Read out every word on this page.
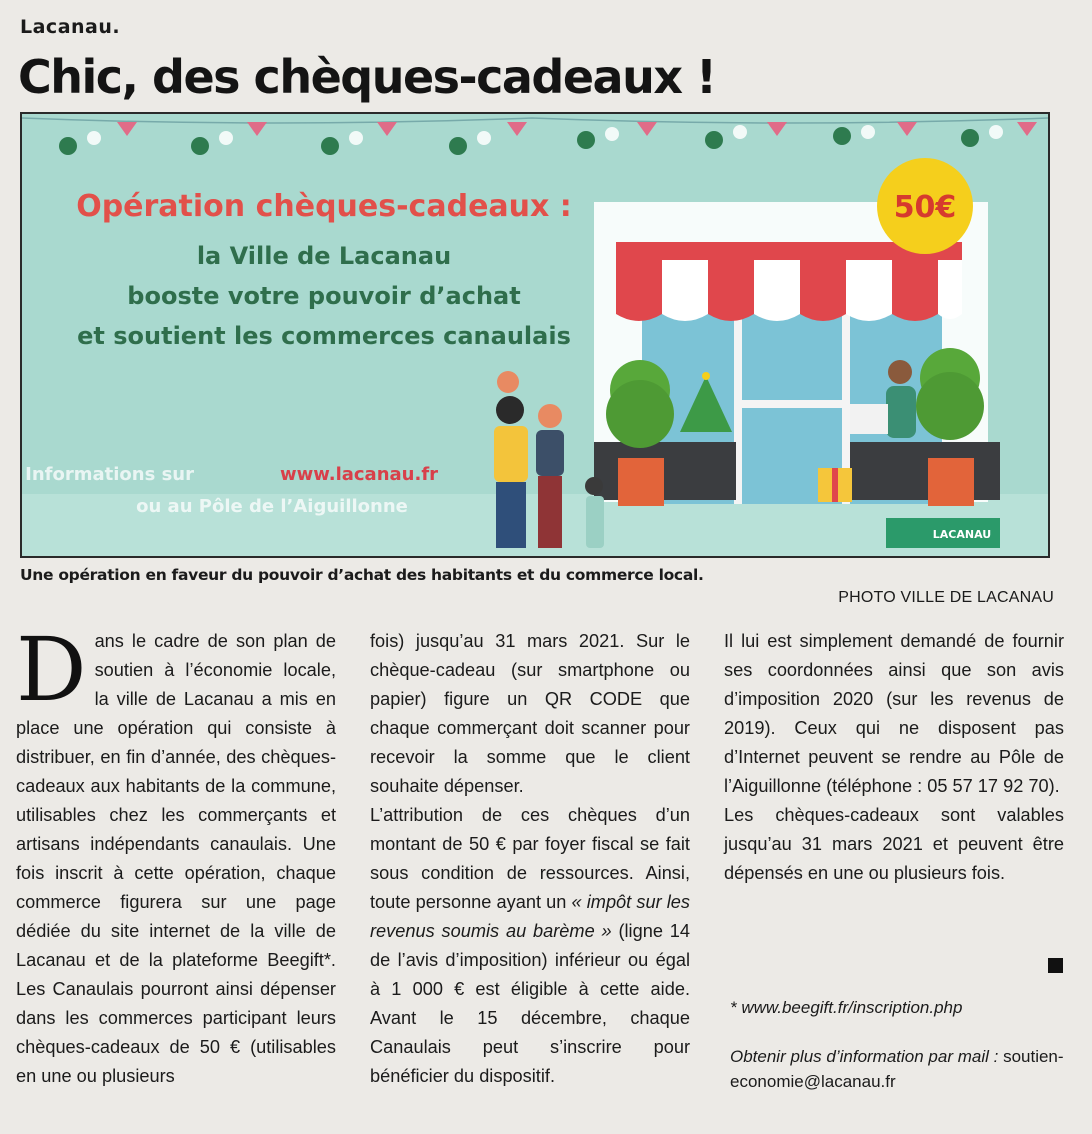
Lacanau.
Chic, des chèques-cadeaux !
Opération chèques-cadeaux :
la Ville de Lacanau
booste votre pouvoir d’achat
et soutient les commerces canaulais
Informations sur	www.lacanau.fr
ou au Pôle de l’Aiguillonne
50€
LACANAU
Une opération en faveur du pouvoir d’achat des habitants et du commerce local.
PHOTO VILLE DE LACANAU

D ans le cadre de son plan de soutien à l’économie locale, la ville de Lacanau a mis en place une opération qui consiste à distribuer, en fin d’année, des chèques-cadeaux aux habitants de la commune, utilisables chez les commerçants et artisans indépendants canaulais. Une fois inscrit à cette opération, chaque commerce figurera sur une page dédiée du site internet de la ville de Lacanau et de la plateforme Beegift*. Les Canaulais pourront ainsi dépenser dans les commerces participant leurs chèques-cadeaux de 50 € (utilisables en une ou plusieurs

fois) jusqu’au 31 mars 2021. Sur le chèque-cadeau (sur smartphone ou papier) figure un QR CODE que chaque commerçant doit scanner pour recevoir la somme que le client souhaite dépenser.

L’attribution de ces chèques d’un montant de 50 € par foyer fiscal se fait sous condition de ressources. Ainsi, toute personne ayant un « impôt sur les revenus soumis au barème » (ligne 14 de l’avis d’imposition) inférieur ou égal à 1 000 € est éligible à cette aide. Avant le 15 décembre, chaque Canaulais peut s’inscrire pour bénéficier du dispositif.

Il lui est simplement demandé de fournir ses coordonnées ainsi que son avis d’imposition 2020 (sur les revenus de 2019). Ceux qui ne disposent pas d’Internet peuvent se rendre au Pôle de l’Aiguillonne (téléphone : 05 57 17 92 70).

Les chèques-cadeaux sont valables jusqu’au 31 mars 2021 et peuvent être dépensés en une ou plusieurs fois.

* www.beegift.fr/inscription.php
Obtenir plus d’information par mail : soutien-economie@lacanau.fr
